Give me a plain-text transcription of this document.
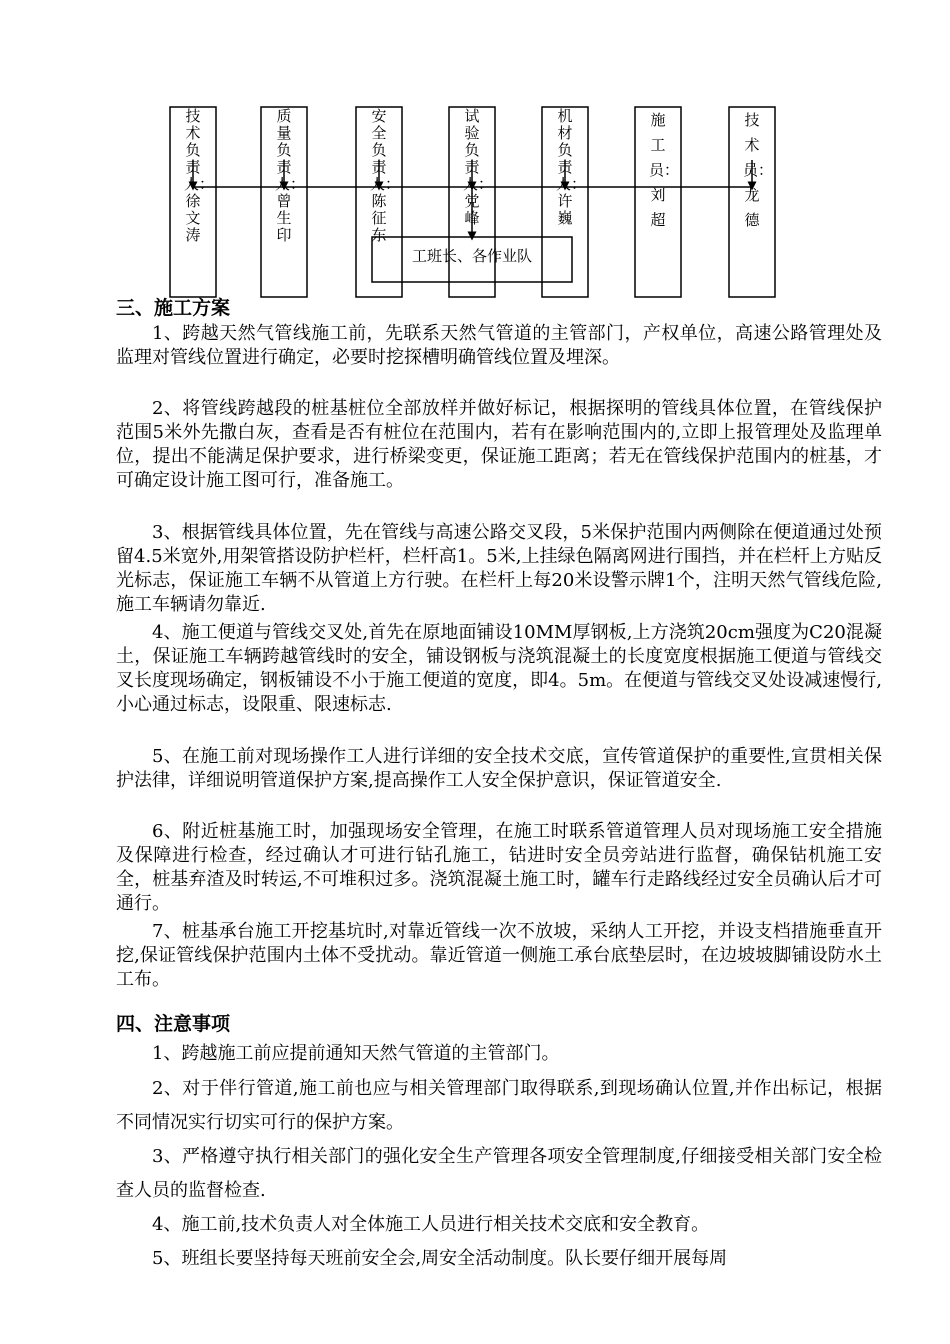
技术负责人：徐文涛
质量负责人：曾生印
安全负责人：陈征东
试验负责人：党峰
机材负责人：许巍
施工员：刘超
技术员：龙德
工班长、各作业队
三、施工方案

1、跨越天然气管线施工前，先联系天然气管道的主管部门，产权单位，高速公路管理处及监理对管线位置进行确定，必要时挖探槽明确管线位置及埋深。

2、将管线跨越段的桩基桩位全部放样并做好标记，根据探明的管线具体位置，在管线保护范围5米外先撒白灰，查看是否有桩位在范围内，若有在影响范围内的,立即上报管理处及监理单位，提出不能满足保护要求，进行桥梁变更，保证施工距离；若无在管线保护范围内的桩基，才可确定设计施工图可行，准备施工。

3、根据管线具体位置，先在管线与高速公路交叉段，5米保护范围内两侧除在便道通过处预留4.5米宽外,用架管搭设防护栏杆，栏杆高1。5米,上挂绿色隔离网进行围挡，并在栏杆上方贴反光标志，保证施工车辆不从管道上方行驶。在栏杆上每20米设警示牌1个，注明天然气管线危险,施工车辆请勿靠近.

4、施工便道与管线交叉处,首先在原地面铺设10MM厚钢板,上方浇筑20cm强度为C20混凝土，保证施工车辆跨越管线时的安全，铺设钢板与浇筑混凝土的长度宽度根据施工便道与管线交叉长度现场确定，钢板铺设不小于施工便道的宽度，即4。5m。在便道与管线交叉处设减速慢行, 小心通过标志，设限重、限速标志.

5、在施工前对现场操作工人进行详细的安全技术交底，宣传管道保护的重要性,宣贯相关保护法律，详细说明管道保护方案,提高操作工人安全保护意识，保证管道安全.

6、附近桩基施工时，加强现场安全管理，在施工时联系管道管理人员对现场施工安全措施及保障进行检查，经过确认才可进行钻孔施工，钻进时安全员旁站进行监督，确保钻机施工安全，桩基弃渣及时转运,不可堆积过多。浇筑混凝土施工时，罐车行走路线经过安全员确认后才可通行。

7、桩基承台施工开挖基坑时,对靠近管线一次不放坡，采纳人工开挖，并设支档措施垂直开挖,保证管线保护范围内土体不受扰动。靠近管道一侧施工承台底垫层时，在边坡坡脚铺设防水土工布。

四、注意事项

1、跨越施工前应提前通知天然气管道的主管部门。

2、对于伴行管道,施工前也应与相关管理部门取得联系,到现场确认位置,并作出标记，根据不同情况实行切实可行的保护方案。

3、严格遵守执行相关部门的强化安全生产管理各项安全管理制度,仔细接受相关部门安全检查人员的监督检查.

4、施工前,技术负责人对全体施工人员进行相关技术交底和安全教育。

5、班组长要坚持每天班前安全会,周安全活动制度。队长要仔细开展每周
